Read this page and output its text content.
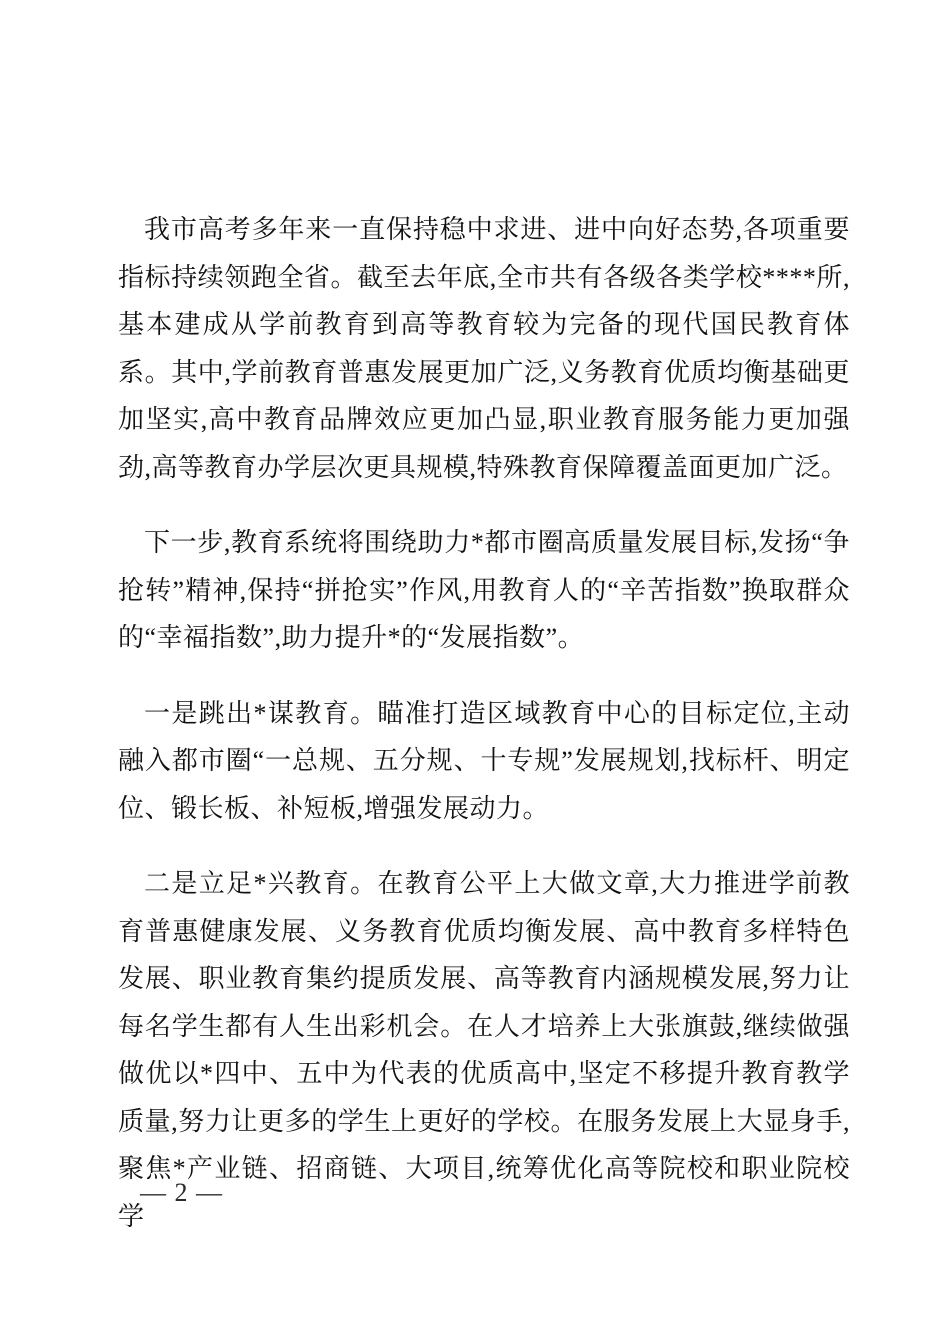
我市高考多年来一直保持稳中求进、进中向好态势,各项重要指标持续领跑全省。截至去年底,全市共有各级各类学校****所,基本建成从学前教育到高等教育较为完备的现代国民教育体系。其中,学前教育普惠发展更加广泛,义务教育优质均衡基础更加坚实,高中教育品牌效应更加凸显,职业教育服务能力更加强劲,高等教育办学层次更具规模,特殊教育保障覆盖面更加广泛。

下一步,教育系统将围绕助力*都市圈高质量发展目标,发扬“争抢转”精神,保持“拼抢实”作风,用教育人的“辛苦指数”换取群众的“幸福指数”,助力提升*的“发展指数”。

一是跳出*谋教育。瞄准打造区域教育中心的目标定位,主动融入都市圈“一总规、五分规、十专规”发展规划,找标杆、明定位、锻长板、补短板,增强发展动力。

二是立足*兴教育。在教育公平上大做文章,大力推进学前教育普惠健康发展、义务教育优质均衡发展、高中教育多样特色发展、职业教育集约提质发展、高等教育内涵规模发展,努力让每名学生都有人生出彩机会。在人才培养上大张旗鼓,继续做强做优以*四中、五中为代表的优质高中,坚定不移提升教育教学质量,努力让更多的学生上更好的学校。在服务发展上大显身手,聚焦*产业链、招商链、大项目,统筹优化高等院校和职业院校学

— 2 —
